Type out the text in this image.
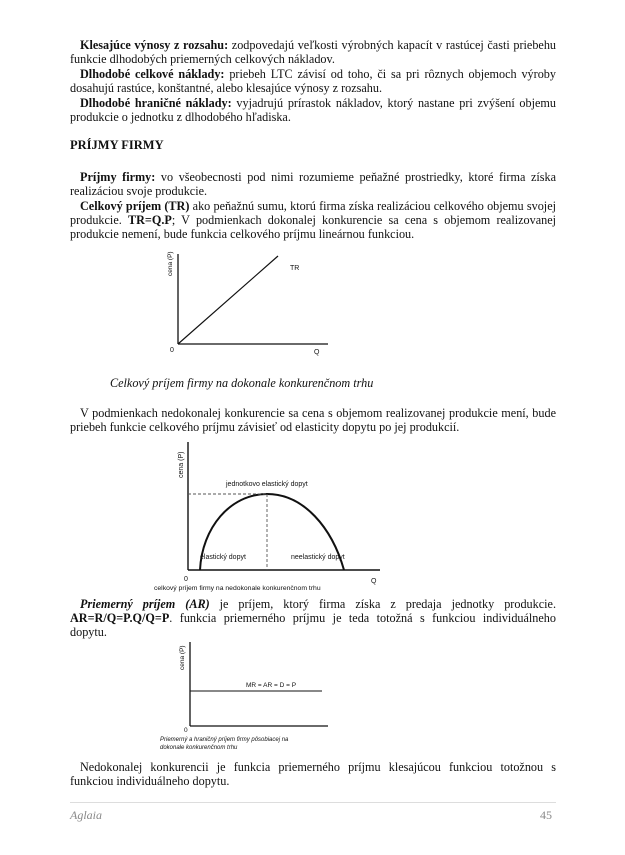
Klesajúce výnosy z rozsahu: zodpovedajú veľkosti výrobných kapacít v rastúcej časti priebehu funkcie dlhodobých priemerných celkových nákladov.

Dlhodobé celkové náklady: priebeh LTC závisí od toho, či sa pri rôznych objemoch výroby dosahujú rastúce, konštantné, alebo klesajúce výnosy z rozsahu.

Dlhodobé hraničné náklady: vyjadrujú prírastok nákladov, ktorý nastane pri zvýšení objemu produkcie o jednotku z dlhodobého hľadiska.

PRÍJMY FIRMY

Príjmy firmy: vo všeobecnosti pod nimi rozumieme peňažné prostriedky, ktoré firma získa realizáciou svoje produkcie.

Celkový príjem (TR) ako peňažnú sumu, ktorú firma získa realizáciou celkového objemu svojej produkcie. TR=Q.P; V podmienkach dokonalej konkurencie sa cena s objemom realizovanej produkcie nemení, bude funkcia celkového príjmu lineárnou funkciou.

cena (P)
0	Q
TR

Celkový príjem firmy na dokonale konkurenčnom trhu

V podmienkach nedokonalej konkurencie sa cena s objemom realizovanej produkcie mení, bude priebeh funkcie celkového príjmu závisieť od elasticity dopytu po jej produkcií.

cena (P)
jednotkovo elastický dopyt
elastický dopyt	neelastický dopyt
0	Q
celkový príjem firmy na nedokonale konkurenčnom trhu

Priemerný príjem (AR) je príjem, ktorý firma získa z predaja jednotky produkcie. AR=R/Q=P.Q/Q=P. funkcia priemerného príjmu je teda totožná s funkciou individuálneho dopytu.

cena (P)
MR = AR = D = P
0
Priemerný a hraničný príjem firmy pôsobiacej na
dokonale konkurenčnom trhu

Nedokonalej konkurencii je funkcia priemerného príjmu klesajúcou funkciou totožnou s funkciou individuálneho dopytu.

Aglaia	45
